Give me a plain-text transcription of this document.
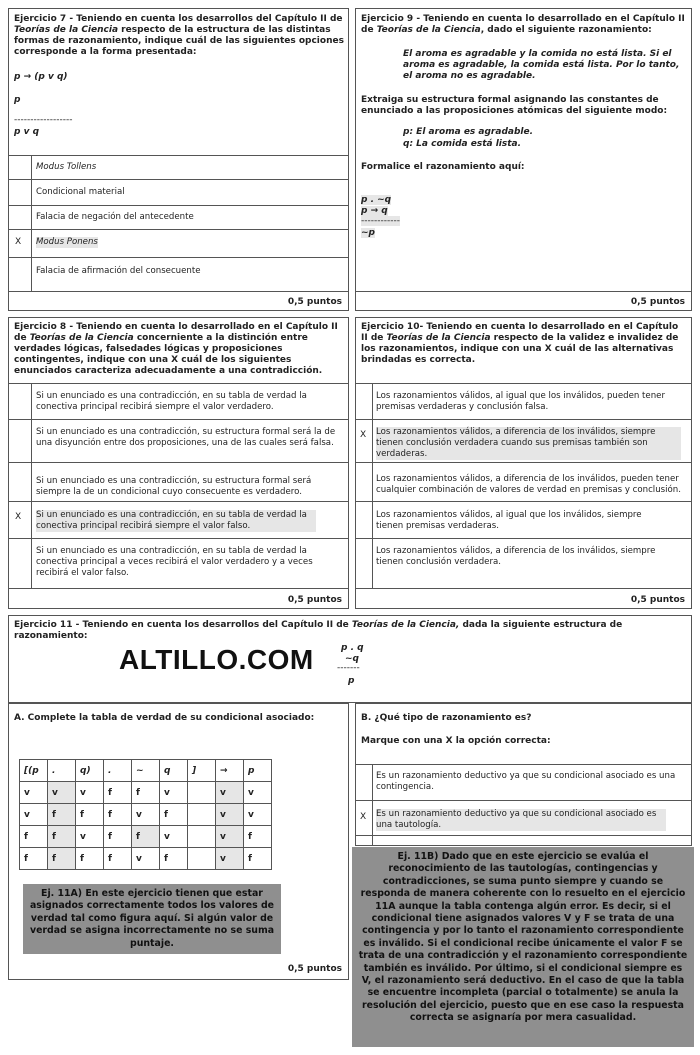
Ejercicio 7 - Teniendo en cuenta los desarrollos del Capítulo II de Teorías de la Ciencia respecto de la estructura de las distintas formas de razonamiento, indique cuál de las siguientes opciones corresponde a la forma presentada:
p → (p v q)
p
------------------
p v q
Modus Tollens
Condicional material
Falacia de negación del antecedente
X Modus Ponens
Falacia de afirmación del consecuente
0,5 puntos
Ejercicio 9 - Teniendo en cuenta lo desarrollado en el Capítulo II de Teorías de la Ciencia, dado el siguiente razonamiento:
El aroma es agradable y la comida no está lista. Si el aroma es agradable, la comida está lista. Por lo tanto, el aroma no es agradable.
Extraiga su estructura formal asignando las constantes de enunciado a las proposiciones atómicas del siguiente modo:
p: El aroma es agradable.
q: La comida está lista.
Formalice el razonamiento aquí:
p . ~q
p → q
------------
~p
0,5 puntos
Ejercicio 8 - Teniendo en cuenta lo desarrollado en el Capítulo II de Teorías de la Ciencia concerniente a la distinción entre verdades lógicas, falsedades lógicas y proposiciones contingentes, indique con una X cuál de los siguientes enunciados caracteriza adecuadamente a una contradicción.
Si un enunciado es una contradicción, en su tabla de verdad la conectiva principal recibirá siempre el valor verdadero.
Si un enunciado es una contradicción, su estructura formal será la de una disyunción entre dos proposiciones, una de las cuales será falsa.
Si un enunciado es una contradicción, su estructura formal será siempre la de un condicional cuyo consecuente es verdadero.
X Si un enunciado es una contradicción, en su tabla de verdad la conectiva principal recibirá siempre el valor falso.
Si un enunciado es una contradicción, en su tabla de verdad la conectiva principal a veces recibirá el valor verdadero y a veces recibirá el valor falso.
0,5 puntos
Ejercicio 10- Teniendo en cuenta lo desarrollado en el Capítulo II de Teorías de la Ciencia respecto de la validez e invalidez de los razonamientos, indique con una X cuál de las alternativas brindadas es correcta.
Los razonamientos válidos, al igual que los inválidos, pueden tener premisas verdaderas y conclusión falsa.
X Los razonamientos válidos, a diferencia de los inválidos, siempre tienen conclusión verdadera cuando sus premisas también son verdaderas.
Los razonamientos válidos, a diferencia de los inválidos, pueden tener cualquier combinación de valores de verdad en premisas y conclusión.
Los razonamientos válidos, al igual que los inválidos, siempre tienen premisas verdaderas.
Los razonamientos válidos, a diferencia de los inválidos, siempre tienen conclusión verdadera.
0,5 puntos
Ejercicio 11 - Teniendo en cuenta los desarrollos del Capítulo II de Teorías de la Ciencia, dada la siguiente estructura de razonamiento:
ALTILLO.COM	p . q
~q
-------
p
A. Complete la tabla de verdad de su condicional asociado:
[(p	.	q)	.	~	q	]	→	p
v	v	v	f	f	v		v	v
v	f	f	f	v	f		v	v
f	f	v	f	f	v		v	f
f	f	f	f	v	f		v	f
Ej. 11A) En este ejercicio tienen que estar asignados correctamente todos los valores de verdad tal como figura aquí. Si algún valor de verdad se asigna incorrectamente no se suma puntaje.
0,5 puntos
B. ¿Qué tipo de razonamiento es?
Marque con una X la opción correcta:
Es un razonamiento deductivo ya que su condicional asociado es una contingencia.
X Es un razonamiento deductivo ya que su condicional asociado es una tautología.
Ej. 11B) Dado que en este ejercicio se evalúa el reconocimiento de las tautologías, contingencias y contradicciones, se suma punto siempre y cuando se responda de manera coherente con lo resuelto en el ejercicio 11A aunque la tabla contenga algún error. Es decir, si el condicional tiene asignados valores V y F se trata de una contingencia y por lo tanto el razonamiento correspondiente es inválido. Si el condicional recibe únicamente el valor F se trata de una contradicción y el razonamiento correspondiente también es inválido. Por último, si el condicional siempre es V, el razonamiento será deductivo. En el caso de que la tabla se encuentre incompleta (parcial o totalmente) se anula la resolución del ejercicio, puesto que en ese caso la respuesta correcta se asignaría por mera casualidad.
